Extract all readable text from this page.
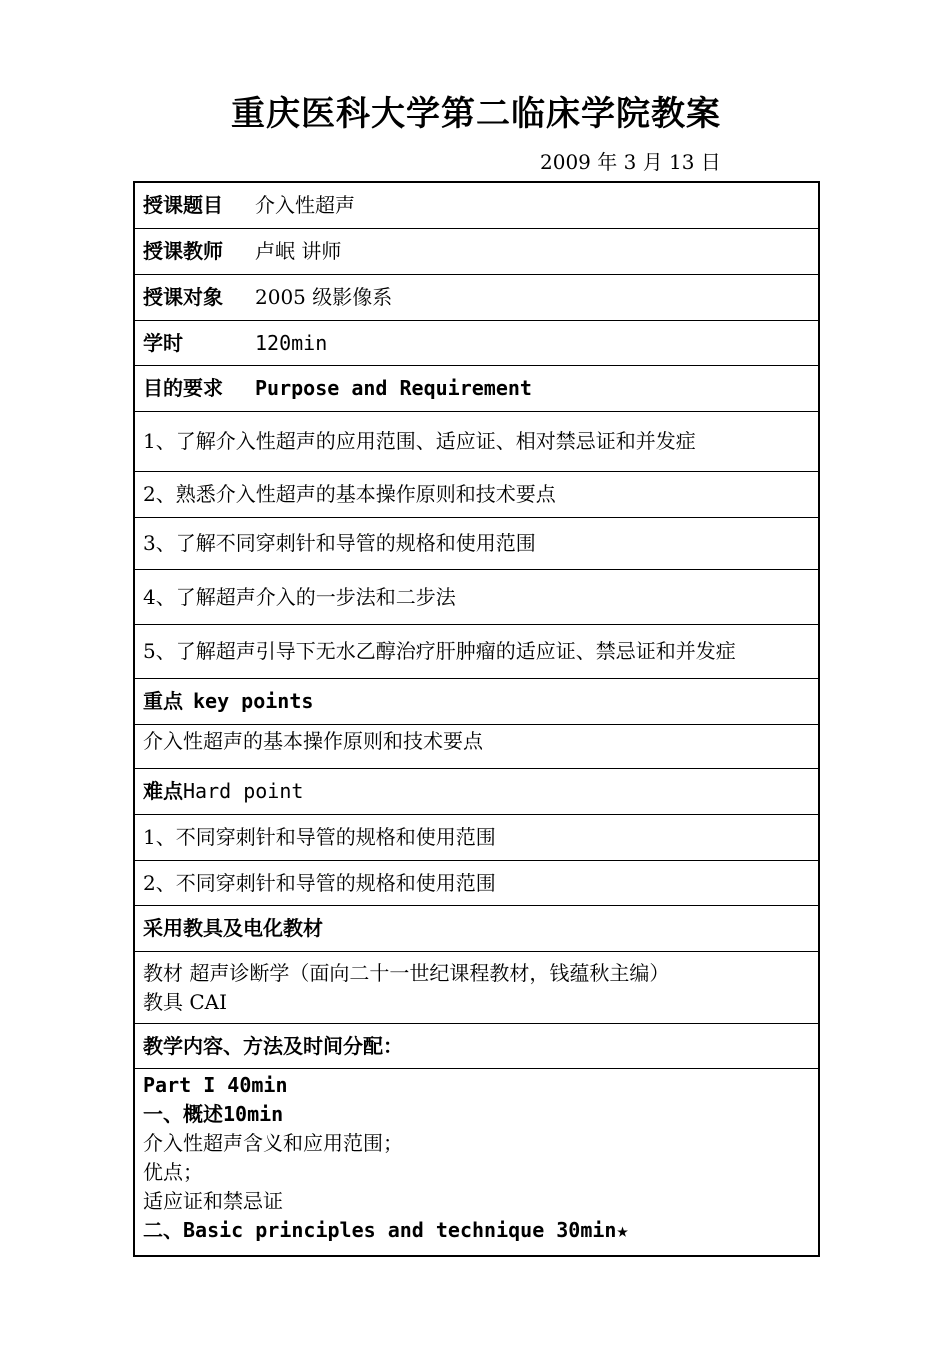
重庆医科大学第二临床学院教案
2009 年 3 月 13 日
授课题目	介入性超声
授课教师	卢岷 讲师
授课对象	2005 级影像系
学时	120min
目的要求	Purpose and Requirement
1、了解介入性超声的应用范围、适应证、相对禁忌证和并发症
2、熟悉介入性超声的基本操作原则和技术要点
3、了解不同穿刺针和导管的规格和使用范围
4、了解超声介入的一步法和二步法
5、了解超声引导下无水乙醇治疗肝肿瘤的适应证、禁忌证和并发症
重点 key points
介入性超声的基本操作原则和技术要点
难点 Hard point
1、不同穿刺针和导管的规格和使用范围
2、不同穿刺针和导管的规格和使用范围
采用教具及电化教材
教材 超声诊断学（面向二十一世纪课程教材，钱蕴秋主编）
教具 CAI
教学内容、方法及时间分配：
Part I 40min
一、概述10min
介入性超声含义和应用范围；
优点；
适应证和禁忌证
二、Basic principles and technique 30min★
